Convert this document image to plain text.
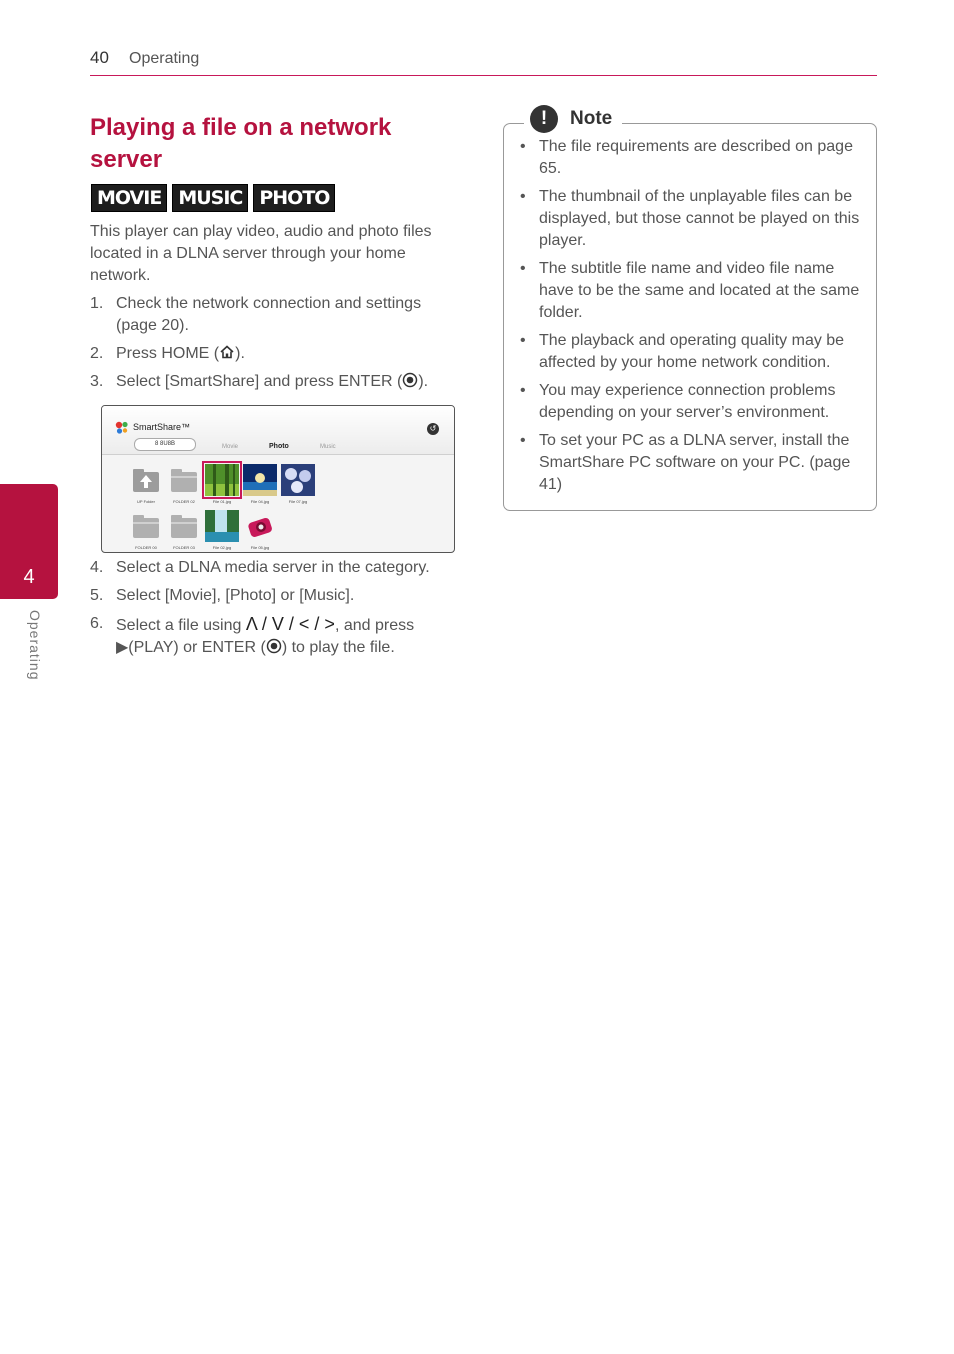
40 Operating
4
Operating
Playing a file on a network server
MOVIE MUSIC PHOTO

This player can play video, audio and photo files located in a DLNA server through your home network.

1. Check the network connection and settings (page 20).
2. Press HOME ( ).
3. Select [SmartShare] and press ENTER ( ).
SmartShare™
8 8U8B	Movie	Photo	Music
↺
UP Folder	FOLDER 02	File 01.jpg	File 04.jpg	File 07.jpg
FOLDER 00	FOLDER 03	File 02.jpg	File 05.jpg
4. Select a DLNA media server in the category.
5. Select [Movie], [Photo] or [Music].
6. Select a file using Λ / V / < / >, and press ▶(PLAY) or ENTER ( ) to play the file.
!	Note
• The file requirements are described on page 65.
• The thumbnail of the unplayable files can be displayed, but those cannot be played on this player.
• The subtitle file name and video file name have to be the same and located at the same folder.
• The playback and operating quality may be affected by your home network condition.
• You may experience connection problems depending on your server’s environment.
• To set your PC as a DLNA server, install the SmartShare PC software on your PC. (page 41)
